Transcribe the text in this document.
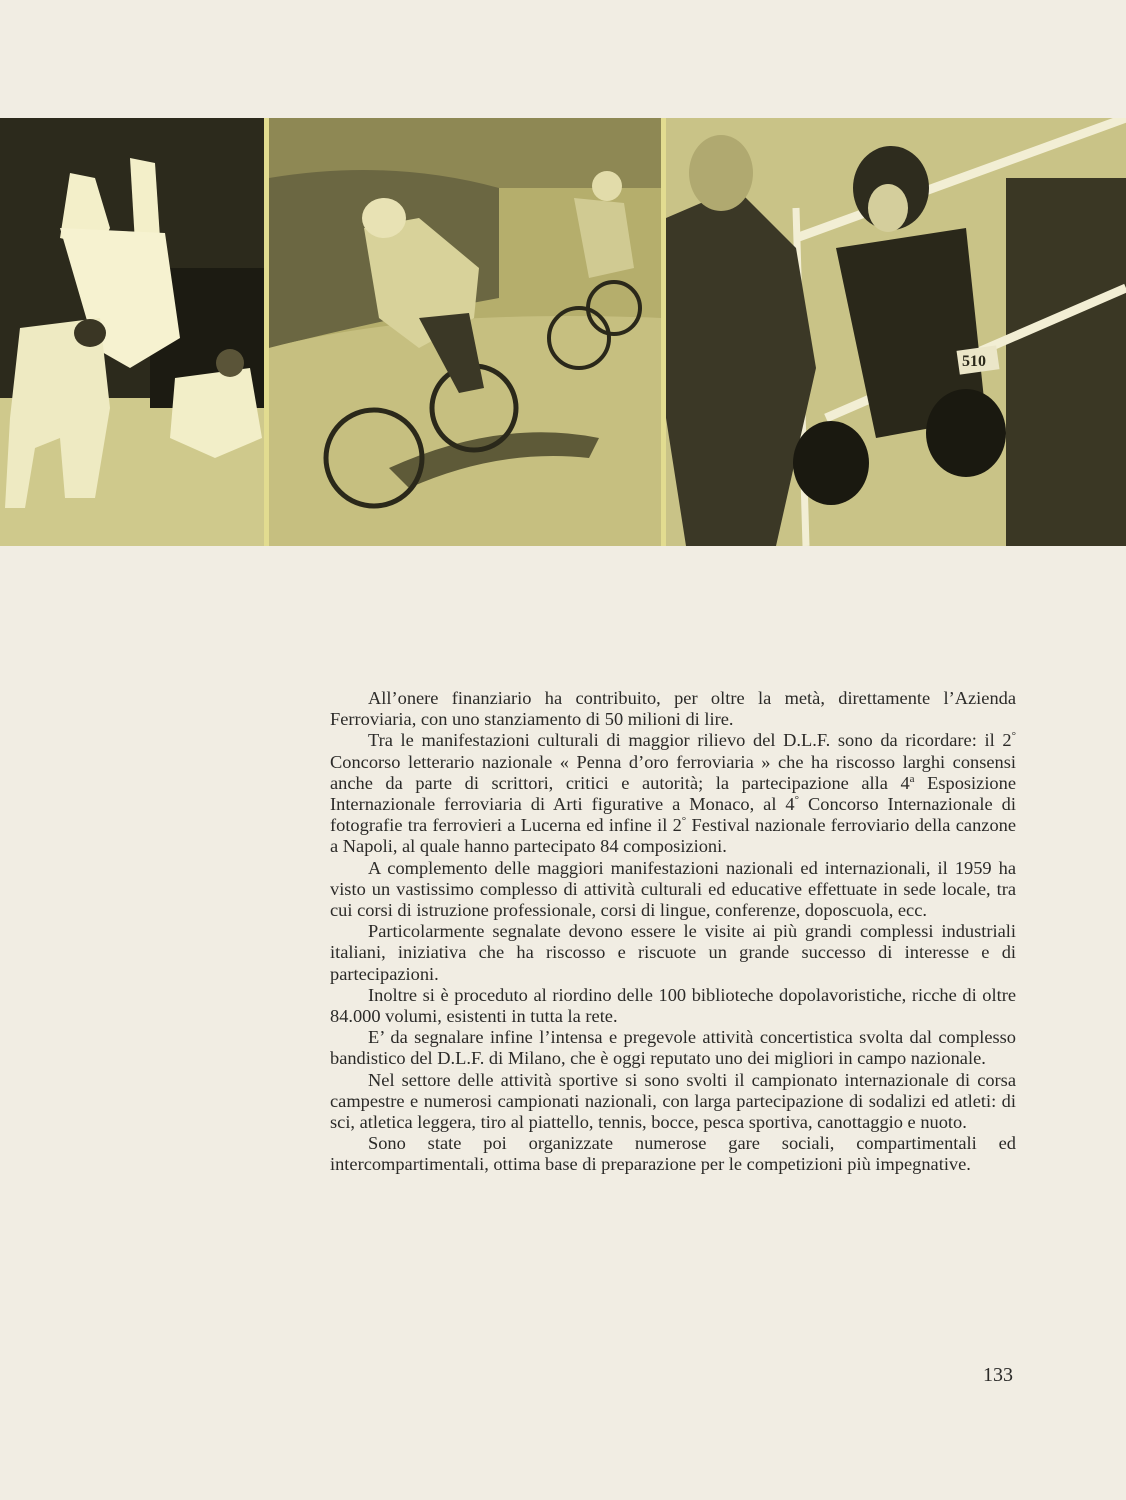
510

All’onere finanziario ha contribuito, per oltre la metà, direttamente l’Azienda Ferroviaria, con uno stanziamento di 50 milioni di lire.

Tra le manifestazioni culturali di maggior rilievo del D.L.F. sono da ricordare: il 2° Concorso letterario nazionale « Penna d’oro ferroviaria » che ha riscosso larghi consensi anche da parte di scrittori, critici e autorità; la partecipazione alla 4$^a$ Esposizione Internazionale ferroviaria di Arti figurative a Monaco, al 4° Concorso Internazionale di fotografie tra ferrovieri a Lucerna ed infine il 2° Festival nazionale ferroviario della canzone a Napoli, al quale hanno partecipato 84 composizioni.

A complemento delle maggiori manifestazioni nazionali ed internazionali, il 1959 ha visto un vastissimo complesso di attività culturali ed educative effettuate in sede locale, tra cui corsi di istruzione professionale, corsi di lingue, conferenze, doposcuola, ecc.

Particolarmente segnalate devono essere le visite ai più grandi complessi industriali italiani, iniziativa che ha riscosso e riscuote un grande successo di interesse e di partecipazioni.

Inoltre si è proceduto al riordino delle 100 biblioteche dopolavoristiche, ricche di oltre 84.000 volumi, esistenti in tutta la rete.

E’ da segnalare infine l’intensa e pregevole attività concertistica svolta dal complesso bandistico del D.L.F. di Milano, che è oggi reputato uno dei migliori in campo nazionale.

Nel settore delle attività sportive si sono svolti il campionato internazionale di corsa campestre e numerosi campionati nazionali, con larga partecipazione di sodalizi ed atleti: di sci, atletica leggera, tiro al piattello, tennis, bocce, pesca sportiva, canottaggio e nuoto.

Sono state poi organizzate numerose gare sociali, compartimentali ed intercompartimentali, ottima base di preparazione per le competizioni più impegnative.

133
